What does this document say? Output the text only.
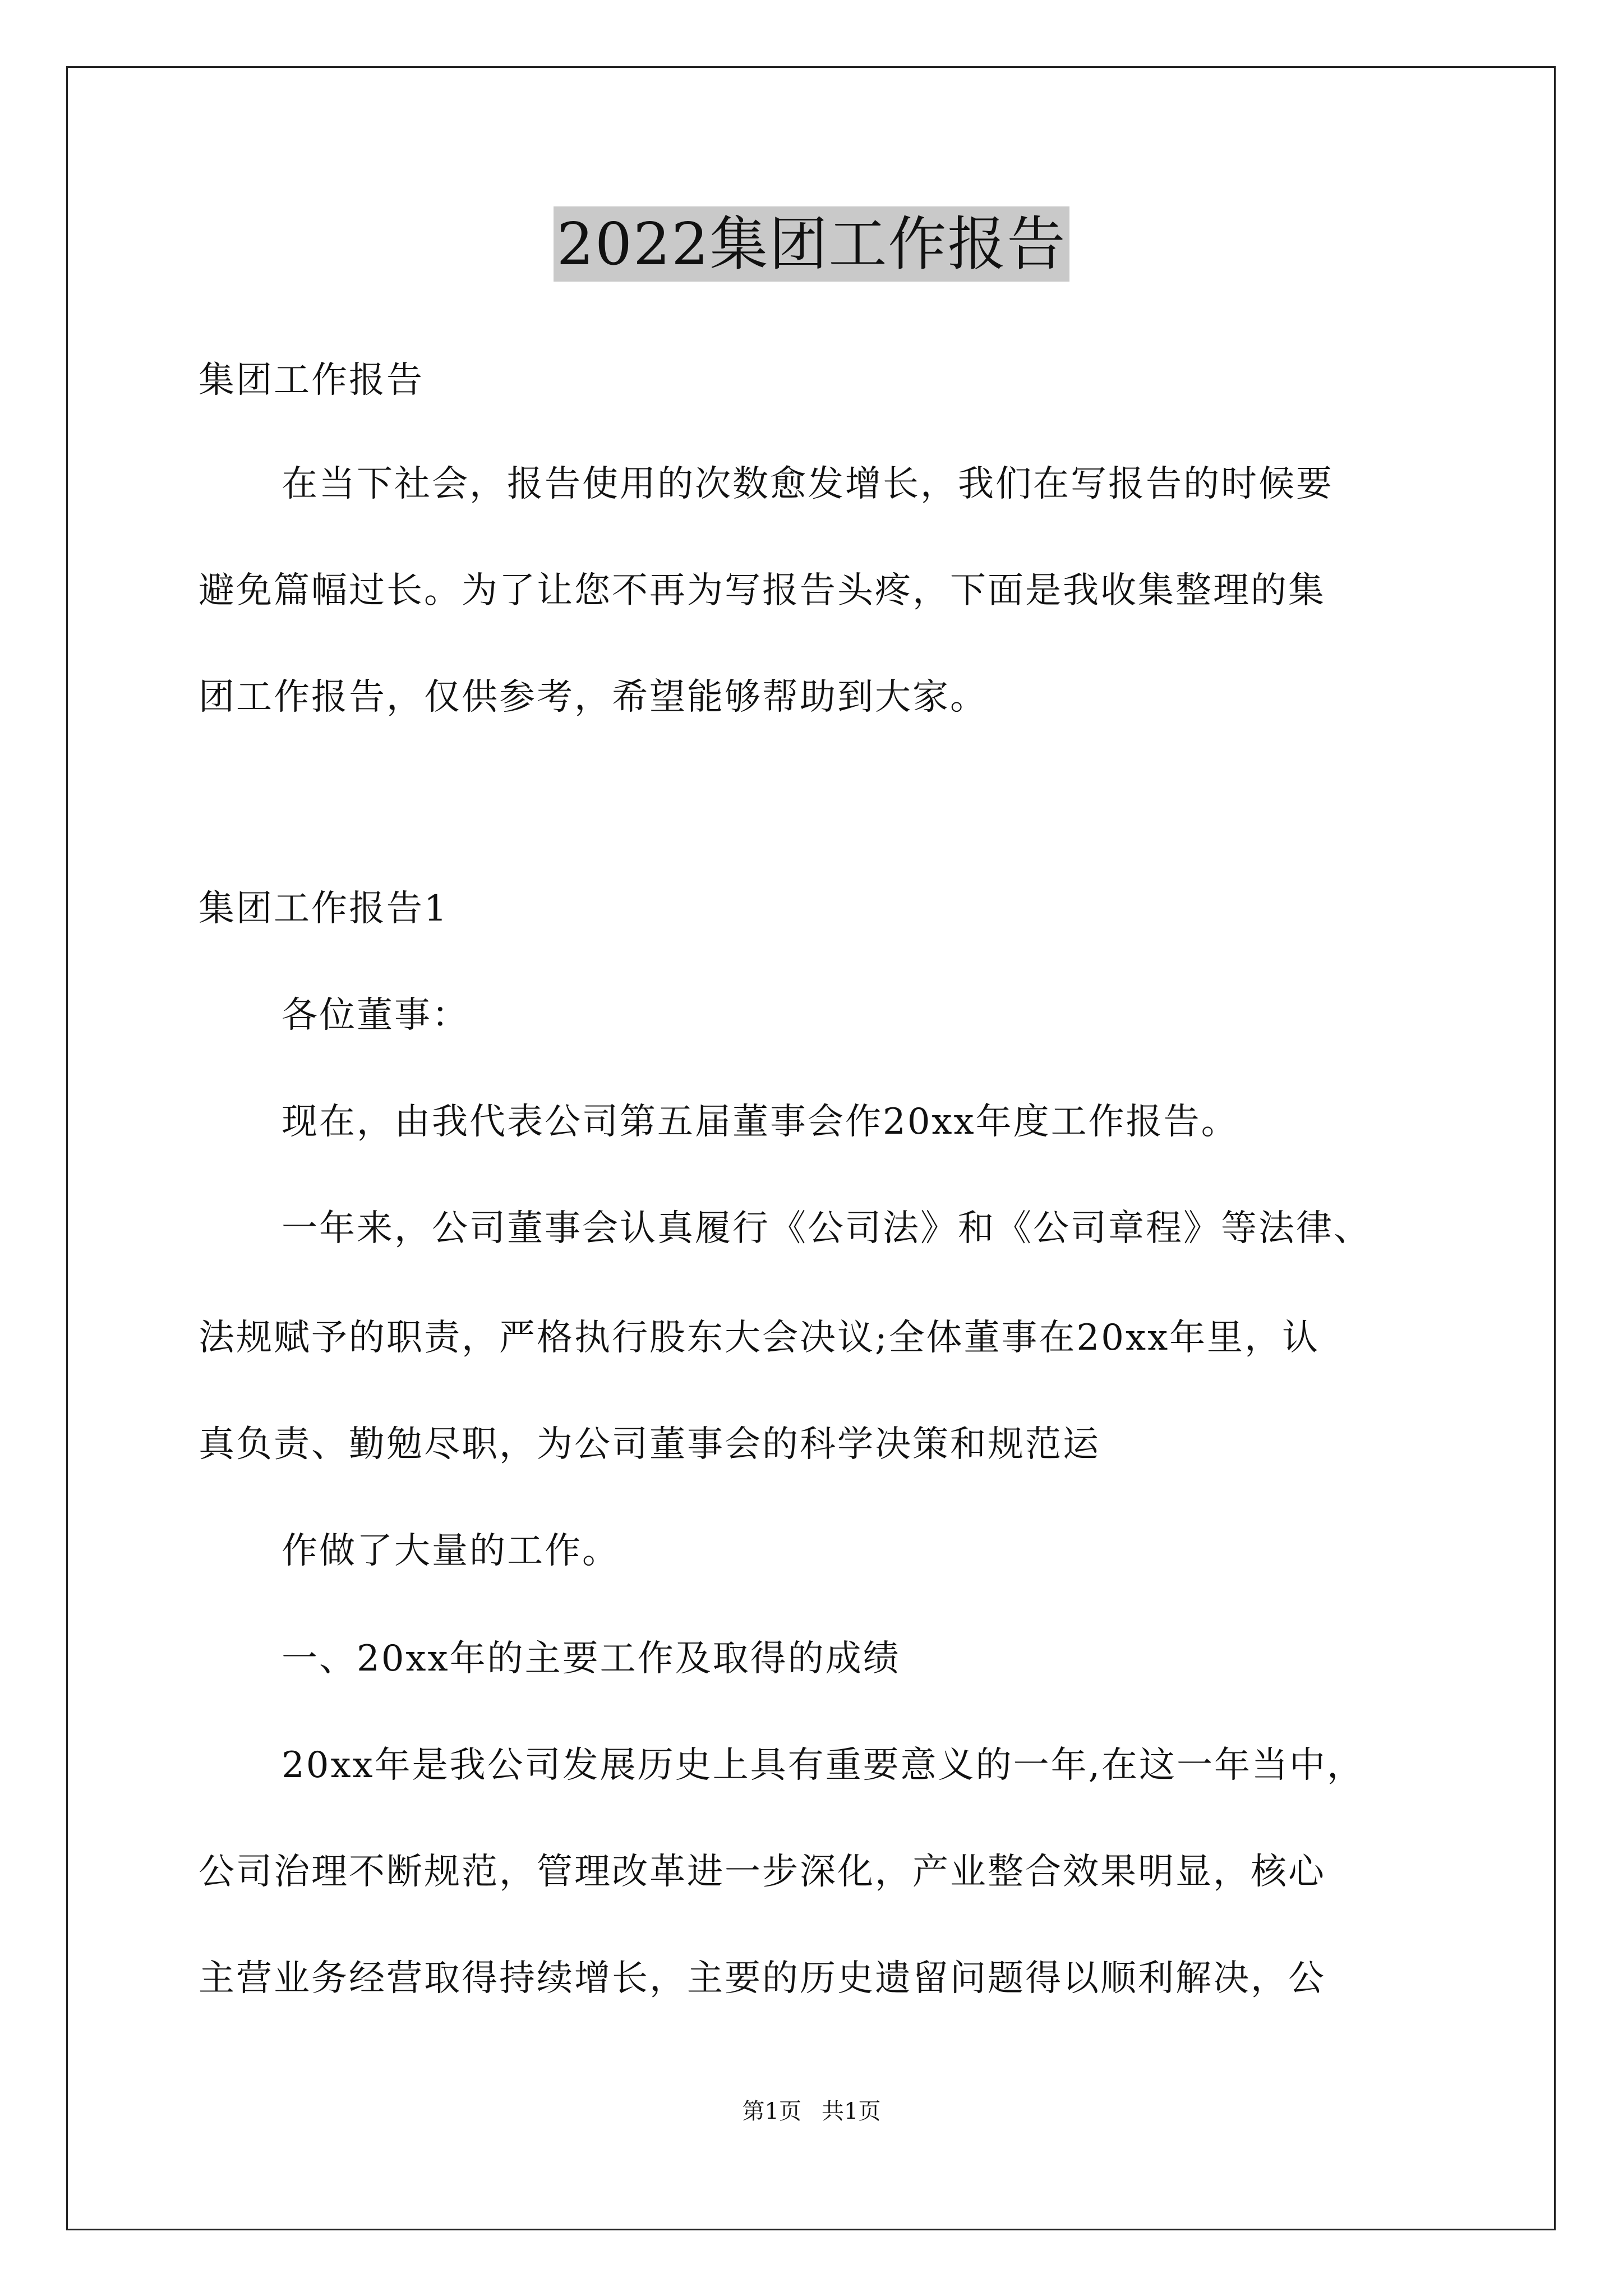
2022集团工作报告
集团工作报告
在当下社会，报告使用的次数愈发增长，我们在写报告的时候要
避免篇幅过长。为了让您不再为写报告头疼，下面是我收集整理的集
团工作报告，仅供参考，希望能够帮助到大家。
集团工作报告1
各位董事：
现在，由我代表公司第五届董事会作20xx年度工作报告。
一年来，公司董事会认真履行《公司法》和《公司章程》等法律、
法规赋予的职责，严格执行股东大会决议;全体董事在20xx年里，认
真负责、勤勉尽职，为公司董事会的科学决策和规范运
作做了大量的工作。
一、20xx年的主要工作及取得的成绩
20xx年是我公司发展历史上具有重要意义的一年,在这一年当中，
公司治理不断规范，管理改革进一步深化，产业整合效果明显，核心
主营业务经营取得持续增长，主要的历史遗留问题得以顺利解决，公
第1页 共1页
